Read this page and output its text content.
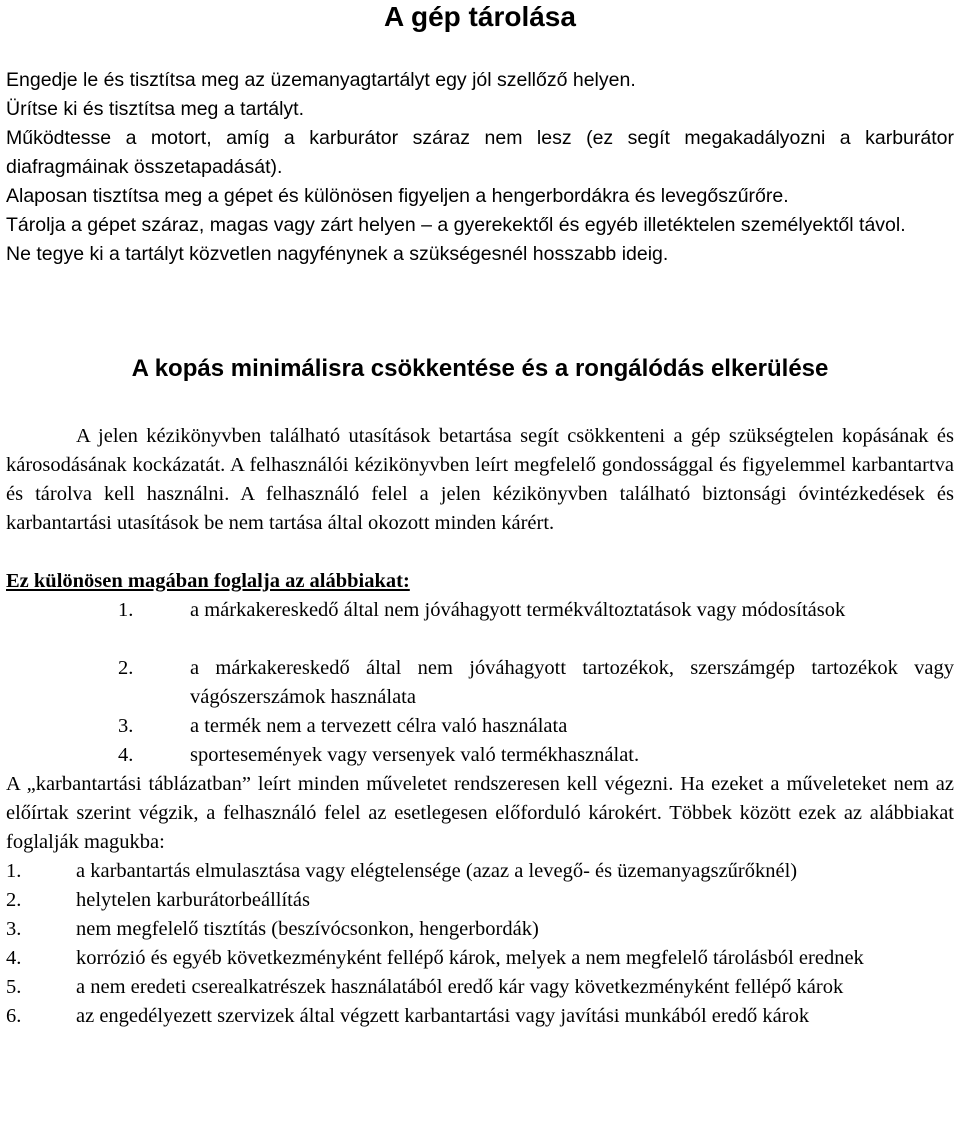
A gép tárolása
Engedje le és tisztítsa meg az üzemanyagtartályt egy jól szellőző helyen.
Ürítse ki és tisztítsa meg a tartályt.
Működtesse a motort, amíg a karburátor száraz nem lesz (ez segít megakadályozni a karburátor diafragmáinak összetapadását).
Alaposan tisztítsa meg a gépet és különösen figyeljen a hengerbordákra és levegőszűrőre.
Tárolja a gépet száraz, magas vagy zárt helyen – a gyerekektől és egyéb illetéktelen személyektől távol.
Ne tegye ki a tartályt közvetlen nagyfénynek a szükségesnél hosszabb ideig.
A kopás minimálisra csökkentése és a rongálódás elkerülése
A jelen kézikönyvben található utasítások betartása segít csökkenteni a gép szükségtelen kopásának és károsodásának kockázatát. A felhasználói kézikönyvben leírt megfelelő gondossággal és figyelemmel karbantartva és tárolva kell használni. A felhasználó felel a jelen kézikönyvben található biztonsági óvintézkedések és karbantartási utasítások be nem tartása által okozott minden kárért.
Ez különösen magában foglalja az alábbiakat:
1.	a márkakereskedő által nem jóváhagyott termékváltoztatások vagy módosítások
2.	a márkakereskedő által nem jóváhagyott tartozékok, szerszámgép tartozékok vagy vágószerszámok használata
3.	a termék nem a tervezett célra való használata
4.	sportesemények vagy versenyek való termékhasználat.
A „karbantartási táblázatban” leírt minden műveletet rendszeresen kell végezni. Ha ezeket a műveleteket nem az előírtak szerint végzik, a felhasználó felel az esetlegesen előforduló károkért. Többek között ezek az alábbiakat foglalják magukba:
1.	a karbantartás elmulasztása vagy elégtelensége (azaz a levegő- és üzemanyagszűrőknél)
2.	helytelen karburátorbeállítás
3.	nem megfelelő tisztítás (beszívócsonkon, hengerbordák)
4.	korrózió és egyéb következményként fellépő károk, melyek a nem megfelelő tárolásból erednek
5.	a nem eredeti cserealkatrészek használatából eredő kár vagy következményként fellépő károk
6.	az engedélyezett szervizek által végzett karbantartási vagy javítási munkából eredő károk
